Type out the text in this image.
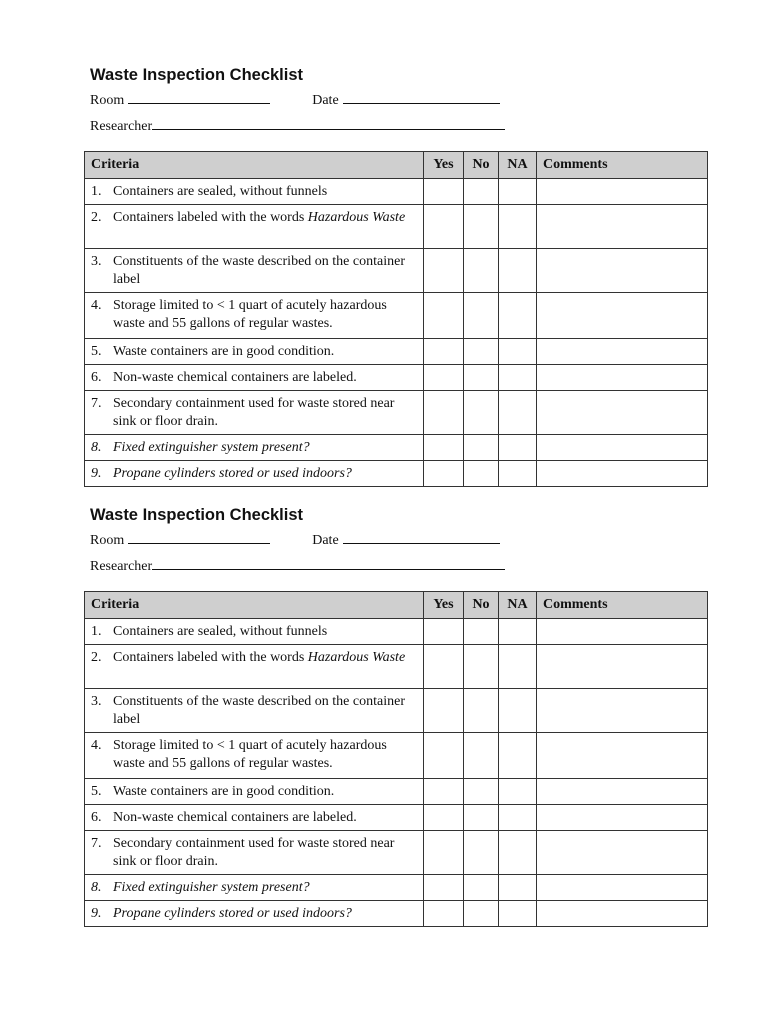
Waste Inspection Checklist
Room	Date
Researcher
Criteria	Yes	No	NA	Comments

1. Containers are sealed, without funnels				

2. Containers labeled with the words Hazardous Waste				

3. Constituents of the waste described on the container label				

4. Storage limited to < 1 quart of acutely hazardous waste and 55 gallons of regular wastes.				

5. Waste containers are in good condition.				

6. Non-waste chemical containers are labeled.				

7. Secondary containment used for waste stored near sink or floor drain.				

8. Fixed extinguisher system present?				

9. Propane cylinders stored or used indoors?				

Waste Inspection Checklist
Room	Date
Researcher
Criteria	Yes	No	NA	Comments

1. Containers are sealed, without funnels				

2. Containers labeled with the words Hazardous Waste				

3. Constituents of the waste described on the container label				

4. Storage limited to < 1 quart of acutely hazardous waste and 55 gallons of regular wastes.				

5. Waste containers are in good condition.				

6. Non-waste chemical containers are labeled.				

7. Secondary containment used for waste stored near sink or floor drain.				

8. Fixed extinguisher system present?				

9. Propane cylinders stored or used indoors?				
